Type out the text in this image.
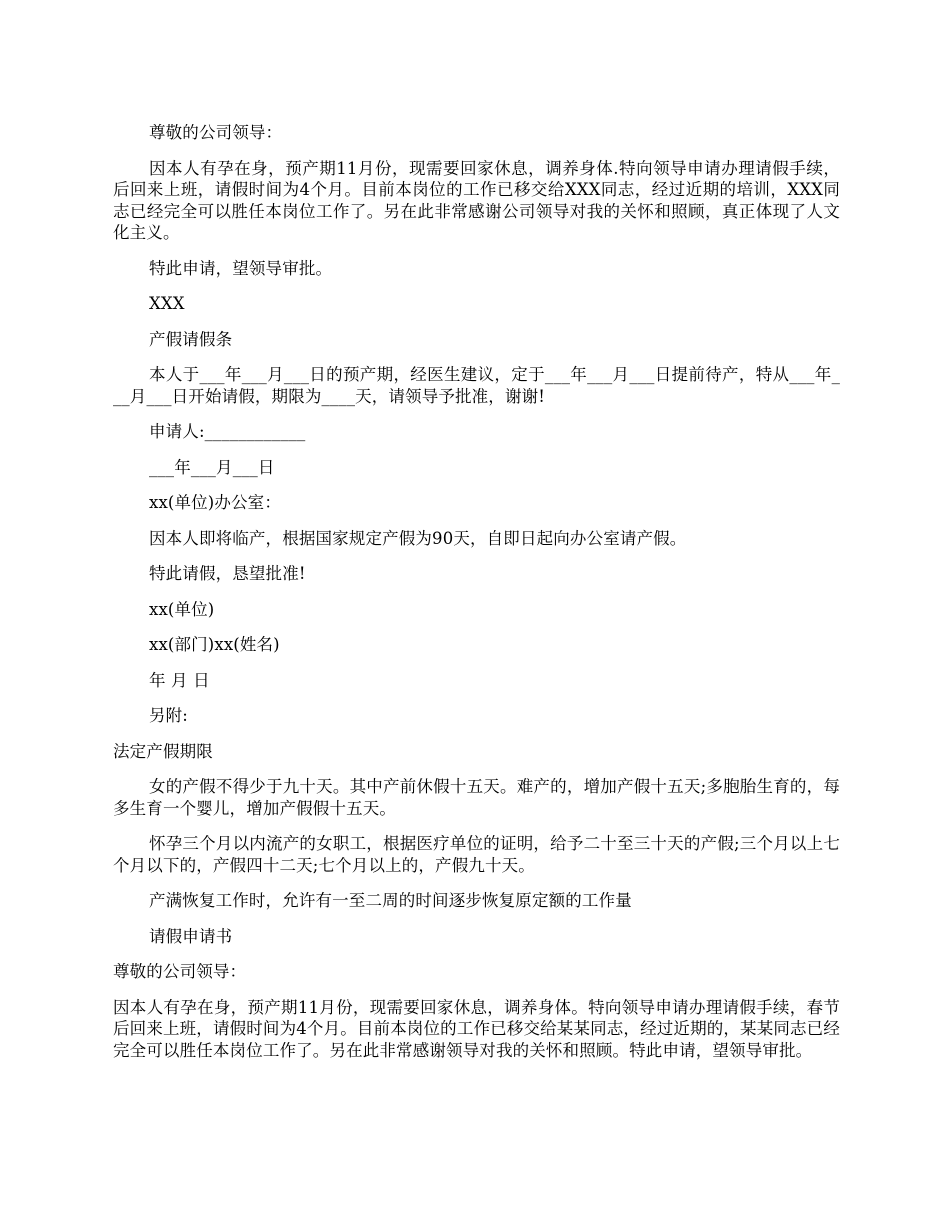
尊敬的公司领导：

因本人有孕在身，预产期11月份，现需要回家休息，调养身体.特向领导申请办理请假手续，后回来上班，请假时间为4个月。目前本岗位的工作已移交给XXX同志，经过近期的培训，XXX同志已经完全可以胜任本岗位工作了。另在此非常感谢公司领导对我的关怀和照顾，真正体现了人文化主义。

特此申请，望领导审批。

XXX

产假请假条

本人于___年___月___日的预产期，经医生建议，定于___年___月___日提前待产，特从___年___月___日开始请假，期限为____天，请领导予批准，谢谢!

申请人:____________

___年___月___日

xx(单位)办公室：

因本人即将临产，根据国家规定产假为90天，自即日起向办公室请产假。

特此请假，恳望批准!

xx(单位)

xx(部门)xx(姓名)

年 月 日

另附:

法定产假期限

女的产假不得少于九十天。其中产前休假十五天。难产的，增加产假十五天;多胞胎生育的，每多生育一个婴儿，增加产假假十五天。

怀孕三个月以内流产的女职工，根据医疗单位的证明，给予二十至三十天的产假;三个月以上七个月以下的，产假四十二天;七个月以上的，产假九十天。

产满恢复工作时，允许有一至二周的时间逐步恢复原定额的工作量

请假申请书

尊敬的公司领导：

因本人有孕在身，预产期11月份，现需要回家休息，调养身体。特向领导申请办理请假手续，春节后回来上班，请假时间为4个月。目前本岗位的工作已移交给某某同志，经过近期的，某某同志已经完全可以胜任本岗位工作了。另在此非常感谢领导对我的关怀和照顾。特此申请，望领导审批。
